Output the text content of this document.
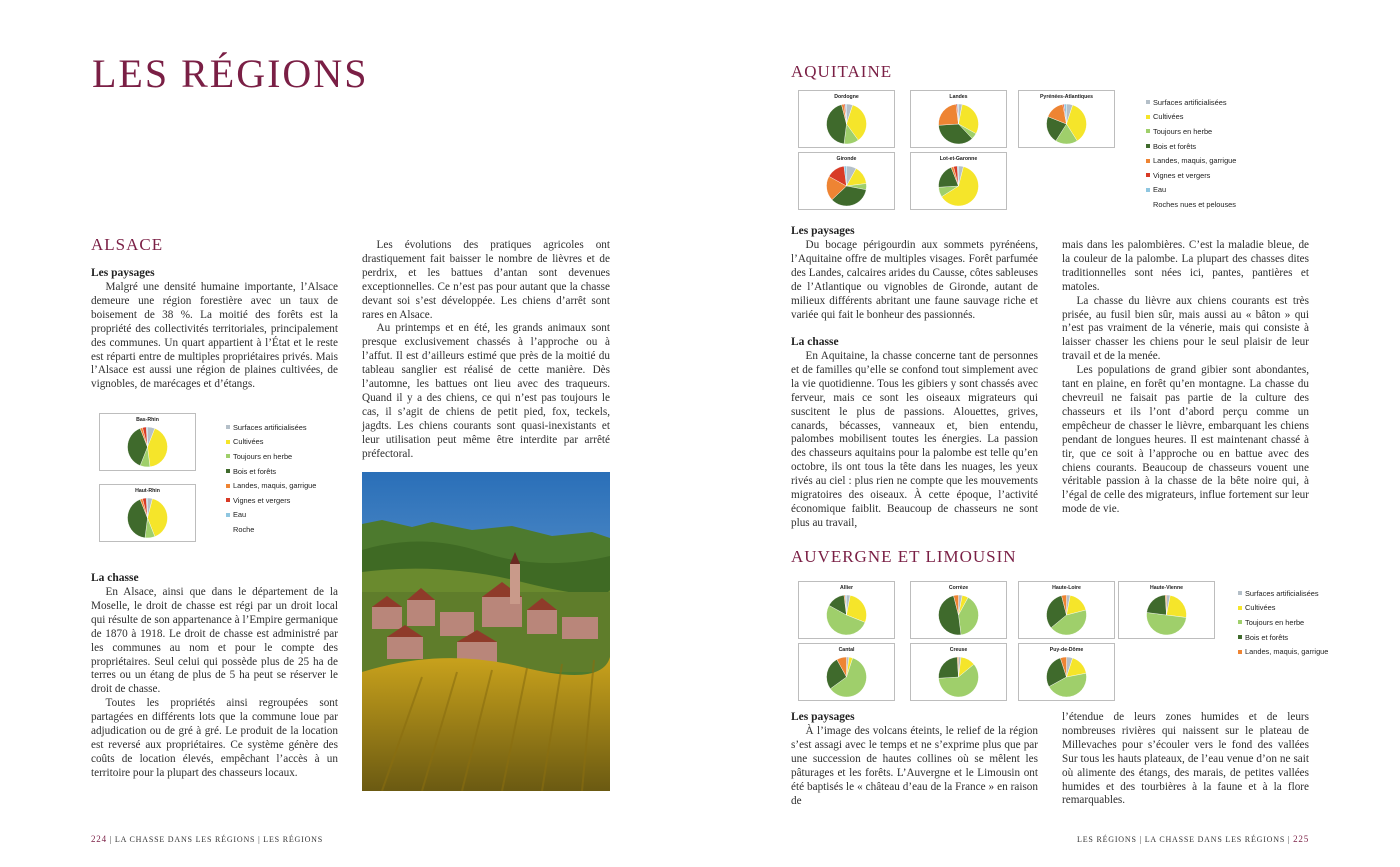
LES RÉGIONS
ALSACE
Les paysages

Malgré une densité humaine importante, l’Alsace demeure une région forestière avec un taux de boisement de 38 %. La moitié des forêts est la propriété des collectivités territoriales, principalement des communes. Un quart appartient à l’État et le reste est réparti entre de multiples propriétaires privés. Mais l’Alsace est aussi une région de plaines cultivées, de vignobles, de marécages et d’étangs.

Bas-Rhin
Haut-Rhin
Surfaces artificialisées
Cultivées
Toujours en herbe
Bois et forêts
Landes, maquis, garrigue
Vignes et vergers
Eau
Roche
La chasse

En Alsace, ainsi que dans le département de la Moselle, le droit de chasse est régi par un droit local qui résulte de son appartenance à l’Empire germanique de 1870 à 1918. Le droit de chasse est administré par les communes au nom et pour le compte des propriétaires. Seul celui qui possède plus de 25 ha de terres ou un étang de plus de 5 ha peut se réserver le droit de chasse.

Toutes les propriétés ainsi regroupées sont partagées en différents lots que la commune loue par adjudication ou de gré à gré. Le produit de la location est reversé aux propriétaires. Ce système génère des coûts de location élevés, empêchant l’accès à un territoire pour la plupart des chasseurs locaux.

Les évolutions des pratiques agricoles ont drastiquement fait baisser le nombre de lièvres et de perdrix, et les battues d’antan sont devenues exceptionnelles. Ce n’est pas pour autant que la chasse devant soi s’est développée. Les chiens d’arrêt sont rares en Alsace.

Au printemps et en été, les grands animaux sont presque exclusivement chassés à l’approche ou à l’affut. Il est d’ailleurs estimé que près de la moitié du tableau sanglier est réalisé de cette manière. Dès l’automne, les battues ont lieu avec des traqueurs. Quand il y a des chiens, ce qui n’est pas toujours le cas, il s’agit de chiens de petit pied, fox, teckels, jagdts. Les chiens courants sont quasi-inexistants et leur utilisation peut même être interdite par arrêté préfectoral.

224 | LA CHASSE DANS LES RÉGIONS | LES RÉGIONS
AQUITAINE
Dordogne	Landes	Pyrénées-Atlantiques
Gironde	Lot-et-Garonne
Surfaces artificialisées
Cultivées
Toujours en herbe
Bois et forêts
Landes, maquis, garrigue
Vignes et vergers
Eau
Roches nues et pelouses
Les paysages

Du bocage périgourdin aux sommets pyrénéens, l’Aquitaine offre de multiples visages. Forêt parfumée des Landes, calcaires arides du Causse, côtes sableuses de l’Atlantique ou vignobles de Gironde, autant de milieux différents abritant une faune sauvage riche et variée qui fait le bonheur des passionnés.

La chasse

En Aquitaine, la chasse concerne tant de personnes et de familles qu’elle se confond tout simplement avec la vie quotidienne. Tous les gibiers y sont chassés avec ferveur, mais ce sont les oiseaux migrateurs qui suscitent le plus de passions. Alouettes, grives, canards, bécasses, vanneaux et, bien entendu, palombes mobilisent toutes les énergies. La passion des chasseurs aquitains pour la palombe est telle qu’en octobre, ils ont tous la tête dans les nuages, les yeux rivés au ciel : plus rien ne compte que les mouvements migratoires des oiseaux. À cette époque, l’activité économique faiblit. Beaucoup de chasseurs ne sont plus au travail,

mais dans les palombières. C’est la maladie bleue, de la couleur de la palombe. La plupart des chasses dites traditionnelles sont nées ici, pantes, pantières et matoles.

La chasse du lièvre aux chiens courants est très prisée, au fusil bien sûr, mais aussi au « bâton » qui n’est pas vraiment de la vénerie, mais qui consiste à laisser chasser les chiens pour le seul plaisir de leur travail et de la menée.

Les populations de grand gibier sont abondantes, tant en plaine, en forêt qu’en montagne. La chasse du chevreuil ne faisait pas partie de la culture des chasseurs et ils l’ont d’abord perçu comme un empêcheur de chasser le lièvre, embarquant les chiens pendant de longues heures. Il est maintenant chassé à tir, que ce soit à l’approche ou en battue avec des chiens courants. Beaucoup de chasseurs vouent une véritable passion à la chasse de la bête noire qui, à l’égal de celle des migrateurs, influe fortement sur leur mode de vie.

AUVERGNE ET LIMOUSIN
Allier	Corrèze	Haute-Loire	Haute-Vienne
Cantal	Creuse	Puy-de-Dôme
Surfaces artificialisées
Cultivées
Toujours en herbe
Bois et forêts
Landes, maquis, garrigue
Les paysages

À l’image des volcans éteints, le relief de la région s’est assagi avec le temps et ne s’exprime plus que par une succession de hautes collines où se mêlent les pâturages et les forêts. L’Auvergne et le Limousin ont été baptisés le « château d’eau de la France » en raison de

l’étendue de leurs zones humides et de leurs nombreuses rivières qui naissent sur le plateau de Millevaches pour s’écouler vers le fond des vallées Sur tous les hauts plateaux, de l’eau venue d’on ne sait où alimente des étangs, des marais, de petites vallées humides et des tourbières à la faune et à la flore remarquables.

LES RÉGIONS | LA CHASSE DANS LES RÉGIONS | 225
